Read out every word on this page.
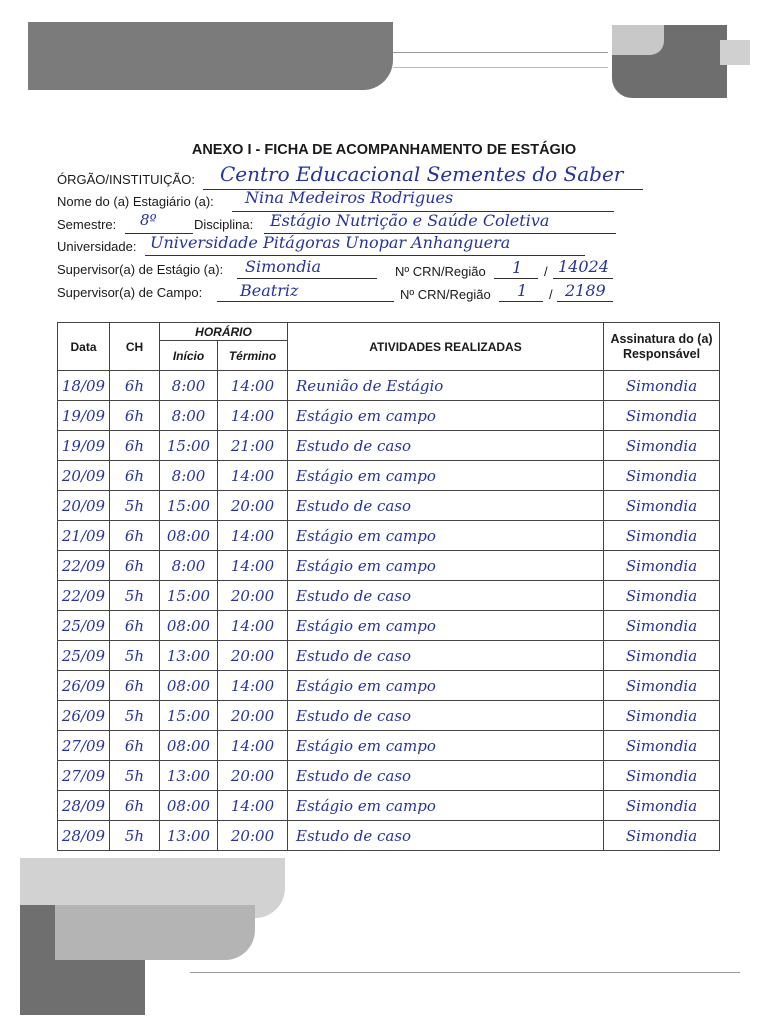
ANEXO I - FICHA DE ACOMPANHAMENTO DE ESTÁGIO
ÓRGÃO/INSTITUIÇÃO: Centro Educacional Sementes do Saber
Nome do (a) Estagiário (a): Nina Medeiros Rodrigues
Semestre: 8º	Disciplina: Estágio Nutrição e Saúde Coletiva
Universidade: Universidade Pitágoras Unopar Anhanguera
Supervisor(a) de Estágio (a): Simondia	Nº CRN/Região 1 / 14024
Supervisor(a) de Campo: Beatriz	Nº CRN/Região 1 / 2189
Data	CH	HORÁRIO		ATIVIDADES REALIZADAS	Assinatura do (a) Responsável
		Início	Término		
18/09	6h	8:00	14:00	Reunião de Estágio	Simondia
19/09	6h	8:00	14:00	Estágio em campo	Simondia
19/09	6h	15:00	21:00	Estudo de caso	Simondia
20/09	6h	8:00	14:00	Estágio em campo	Simondia
20/09	5h	15:00	20:00	Estudo de caso	Simondia
21/09	6h	08:00	14:00	Estágio em campo	Simondia
22/09	6h	8:00	14:00	Estágio em campo	Simondia
22/09	5h	15:00	20:00	Estudo de caso	Simondia
25/09	6h	08:00	14:00	Estágio em campo	Simondia
25/09	5h	13:00	20:00	Estudo de caso	Simondia
26/09	6h	08:00	14:00	Estágio em campo	Simondia
26/09	5h	15:00	20:00	Estudo de caso	Simondia
27/09	6h	08:00	14:00	Estágio em campo	Simondia
27/09	5h	13:00	20:00	Estudo de caso	Simondia
28/09	6h	08:00	14:00	Estágio em campo	Simondia
28/09	5h	13:00	20:00	Estudo de caso	Simondia
